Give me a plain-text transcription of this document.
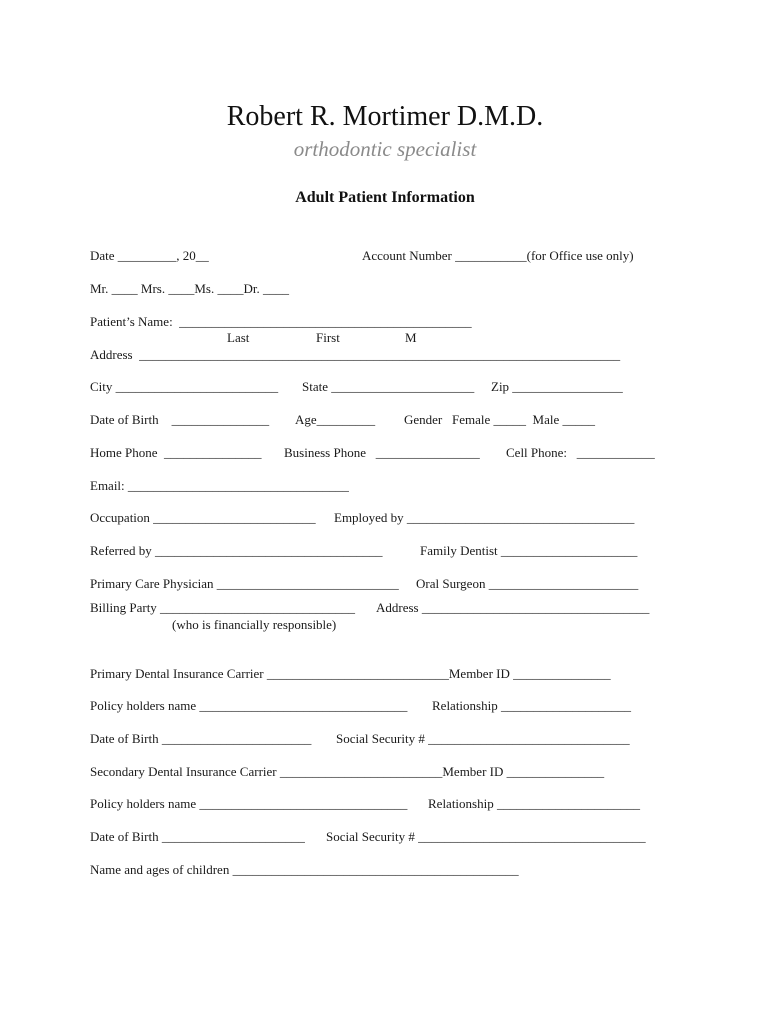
Robert R. Mortimer D.M.D.
orthodontic specialist
Adult Patient Information
Date _________, 20__	Account Number ___________(for Office use only)
Mr. ____ Mrs. ____Ms. ____Dr. ____
Patient’s Name:  _____________________________________________
Last	First	M
Address  __________________________________________________________________________
City _________________________ State ______________________ Zip _________________
Date of Birth    _______________ Age_________ Gender   Female _____  Male _____
Home Phone  _______________ Business Phone   ________________ Cell Phone:   ____________
Email: __________________________________
Occupation _________________________ Employed by ___________________________________
Referred by ___________________________________	Family Dentist _____________________
Primary Care Physician ____________________________ Oral Surgeon _______________________
Billing Party ______________________________ Address ___________________________________
(who is financially responsible)
Primary Dental Insurance Carrier ____________________________Member ID _______________
Policy holders name ________________________________ Relationship ____________________
Date of Birth _______________________ Social Security # _______________________________
Secondary Dental Insurance Carrier _________________________Member ID _______________
Policy holders name ________________________________ Relationship ______________________
Date of Birth ______________________ Social Security # ___________________________________
Name and ages of children ____________________________________________
